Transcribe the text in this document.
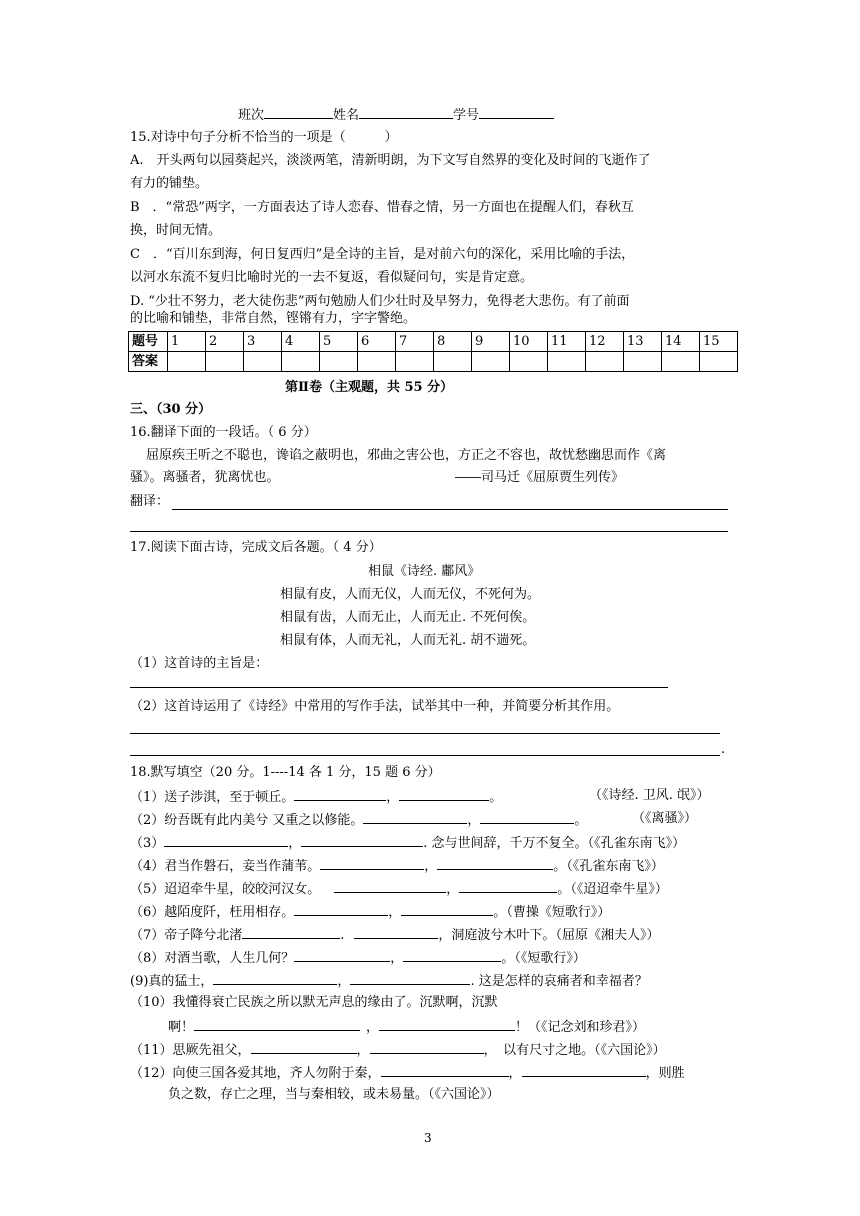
班次	姓名	学号
15.对诗中句子分析不恰当的一项是（　　　）
A.　开头两句以园葵起兴，淡淡两笔，清新明朗，为下文写自然界的变化及时间的飞逝作了
有力的铺垫。
B　．“常恐”两字，一方面表达了诗人恋春、惜春之情，另一方面也在提醒人们，春秋互
换，时间无情。
C　．“百川东到海，何日复西归”是全诗的主旨，是对前六句的深化，采用比喻的手法，
以河水东流不复归比喻时光的一去不复返，看似疑问句，实是肯定意。
D. “少壮不努力，老大徒伤悲”两句勉励人们少壮时及早努力，免得老大悲伤。有了前面
的比喻和铺垫，非常自然，铿锵有力，字字警绝。
题号	1	2	3	4	5	6	7	8	9	10	11	12	13	14	15
答案															
第Ⅱ卷（主观题，共 55 分）
三、（30 分）
16.翻译下面的一段话。（ 6 分）
屈原疾王听之不聪也，谗谄之蔽明也，邪曲之害公也，方正之不容也，故忧愁幽思而作《离
骚》。离骚者，犹离忧也。	――司马迁《屈原贾生列传》
翻译：
17.阅读下面古诗，完成文后各题。（ 4 分）
相鼠《诗经. 鄘风》
相鼠有皮，人而无仪，人而无仪，不死何为。
相鼠有齿，人而无止，人而无止. 不死何俟。
相鼠有体，人而无礼，人而无礼. 胡不遄死。
（1）这首诗的主旨是：
（2）这首诗运用了《诗经》中常用的写作手法，试举其中一种，并简要分析其作用。
.
18.默写填空（20 分。1----14 各 1 分，15 题 6 分）
（1）送子涉淇，至于顿丘。	，	。	（《诗经. 卫风. 氓》）
（2）纷吾既有此内美兮 又重之以修能。	，	。	（《离骚》）
（3）	，	. 念与世间辞，千万不复全。（《孔雀东南飞》）
（4）君当作磐石，妾当作蒲苇。	，	。（《孔雀东南飞》）
（5）迢迢牵牛星，皎皎河汉女。	，	。（《迢迢牵牛星》）
（6）越陌度阡，枉用相存。	，	。（曹操《短歌行》）
（7）帝子降兮北渚	.	，洞庭波兮木叶下。（屈原《湘夫人》）
（8）对酒当歌，人生几何？	，	。（《短歌行》）
(9)真的猛士，	，	. 这是怎样的哀痛者和幸福者？
（10）我懂得衰亡民族之所以默无声息的缘由了。沉默啊，沉默
啊！	，	！（《记念刘和珍君》）
（11）思厥先祖父，	，	，　以有尺寸之地。（《六国论》）
（12）向使三国各爱其地，齐人勿附于秦，	，	，则胜
负之数，存亡之理，当与秦相较，或未易量。（《六国论》）
3
